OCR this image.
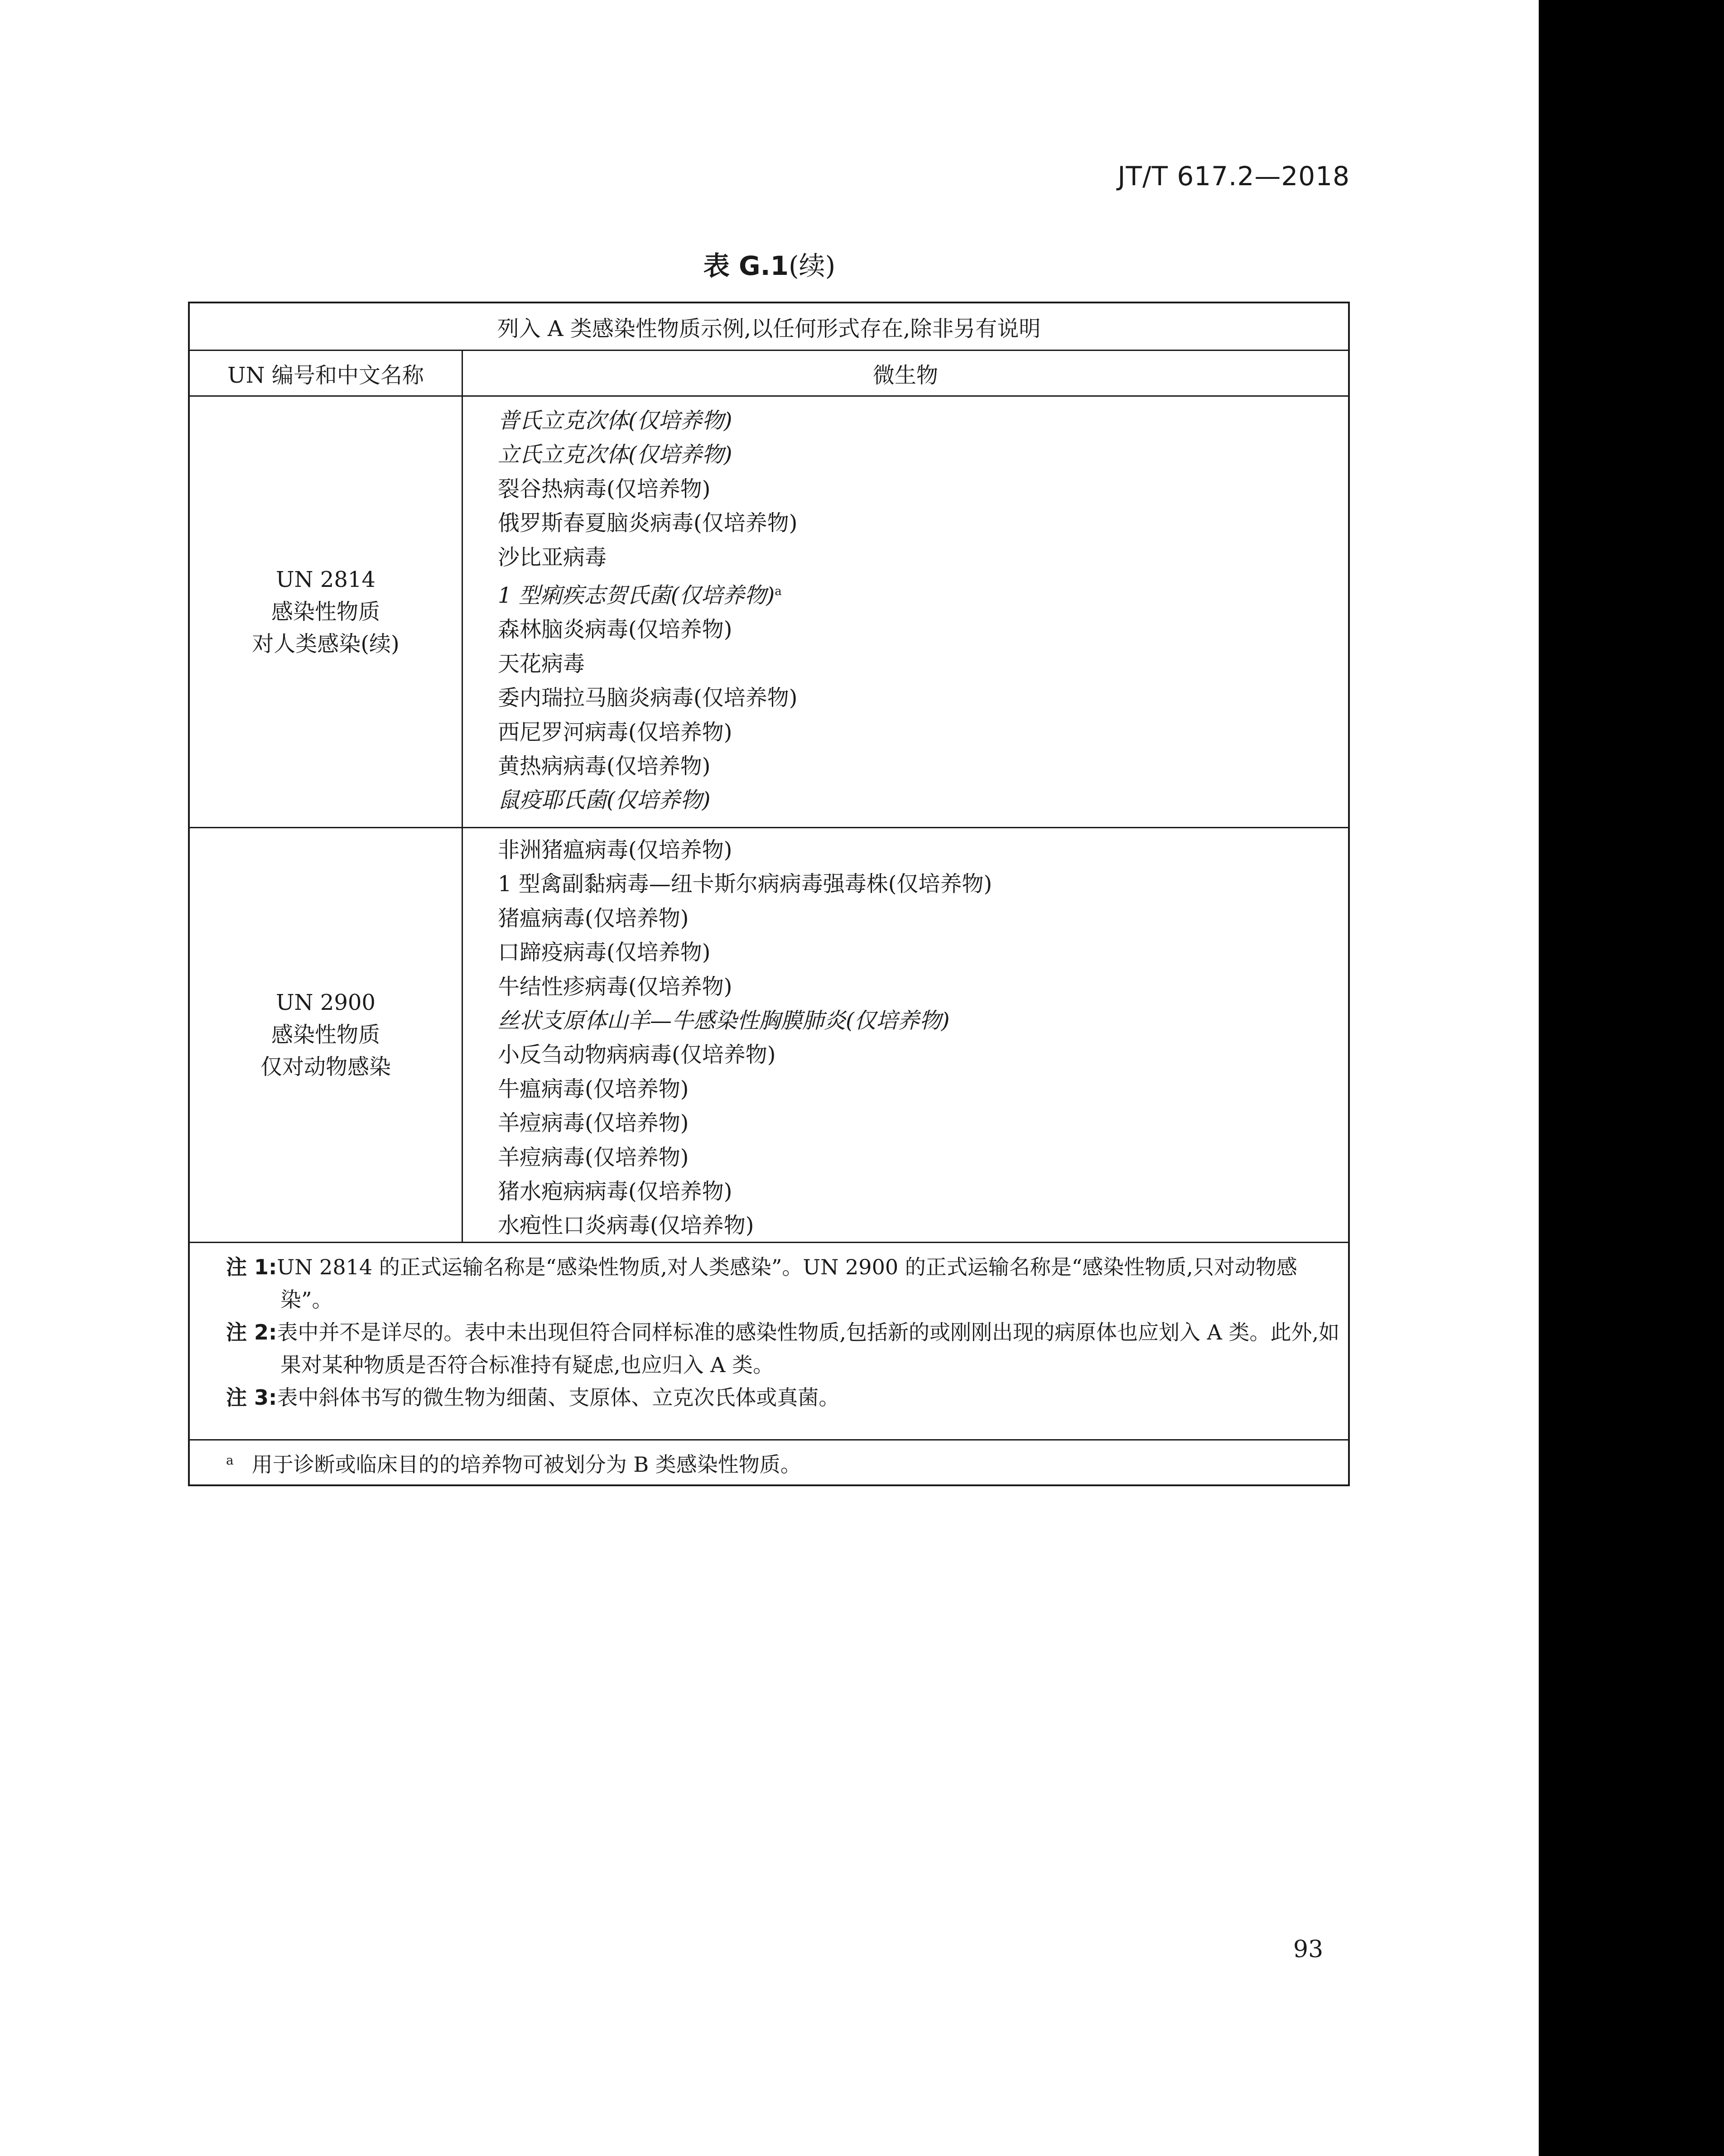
JT/T 617.2—2018
表 G.1(续)
列入 A 类感染性物质示例,以任何形式存在,除非另有说明
UN 编号和中文名称	微生物
UN 2814
感染性物质
对人类感染(续)
普氏立克次体(仅培养物)
立氏立克次体(仅培养物)
裂谷热病毒(仅培养物)
俄罗斯春夏脑炎病毒(仅培养物)
沙比亚病毒
1 型痢疾志贺氏菌(仅培养物)$^a$
森林脑炎病毒(仅培养物)
天花病毒
委内瑞拉马脑炎病毒(仅培养物)
西尼罗河病毒(仅培养物)
黄热病病毒(仅培养物)
鼠疫耶氏菌(仅培养物)
UN 2900
感染性物质
仅对动物感染
非洲猪瘟病毒(仅培养物)
1 型禽副黏病毒—纽卡斯尔病病毒强毒株(仅培养物)
猪瘟病毒(仅培养物)
口蹄疫病毒(仅培养物)
牛结性疹病毒(仅培养物)
丝状支原体山羊—牛感染性胸膜肺炎(仅培养物)
小反刍动物病病毒(仅培养物)
牛瘟病毒(仅培养物)
羊痘病毒(仅培养物)
羊痘病毒(仅培养物)
猪水疱病病毒(仅培养物)
水疱性口炎病毒(仅培养物)
注 1:UN 2814 的正式运输名称是“感染性物质,对人类感染”。UN 2900 的正式运输名称是“感染性物质,只对动物感染”。
注 2:表中并不是详尽的。表中未出现但符合同样标准的感染性物质,包括新的或刚刚出现的病原体也应划入 A 类。此外,如果对某种物质是否符合标准持有疑虑,也应归入 A 类。
注 3:表中斜体书写的微生物为细菌、支原体、立克次氏体或真菌。
$^a$ 用于诊断或临床目的的培养物可被划分为 B 类感染性物质。
93
